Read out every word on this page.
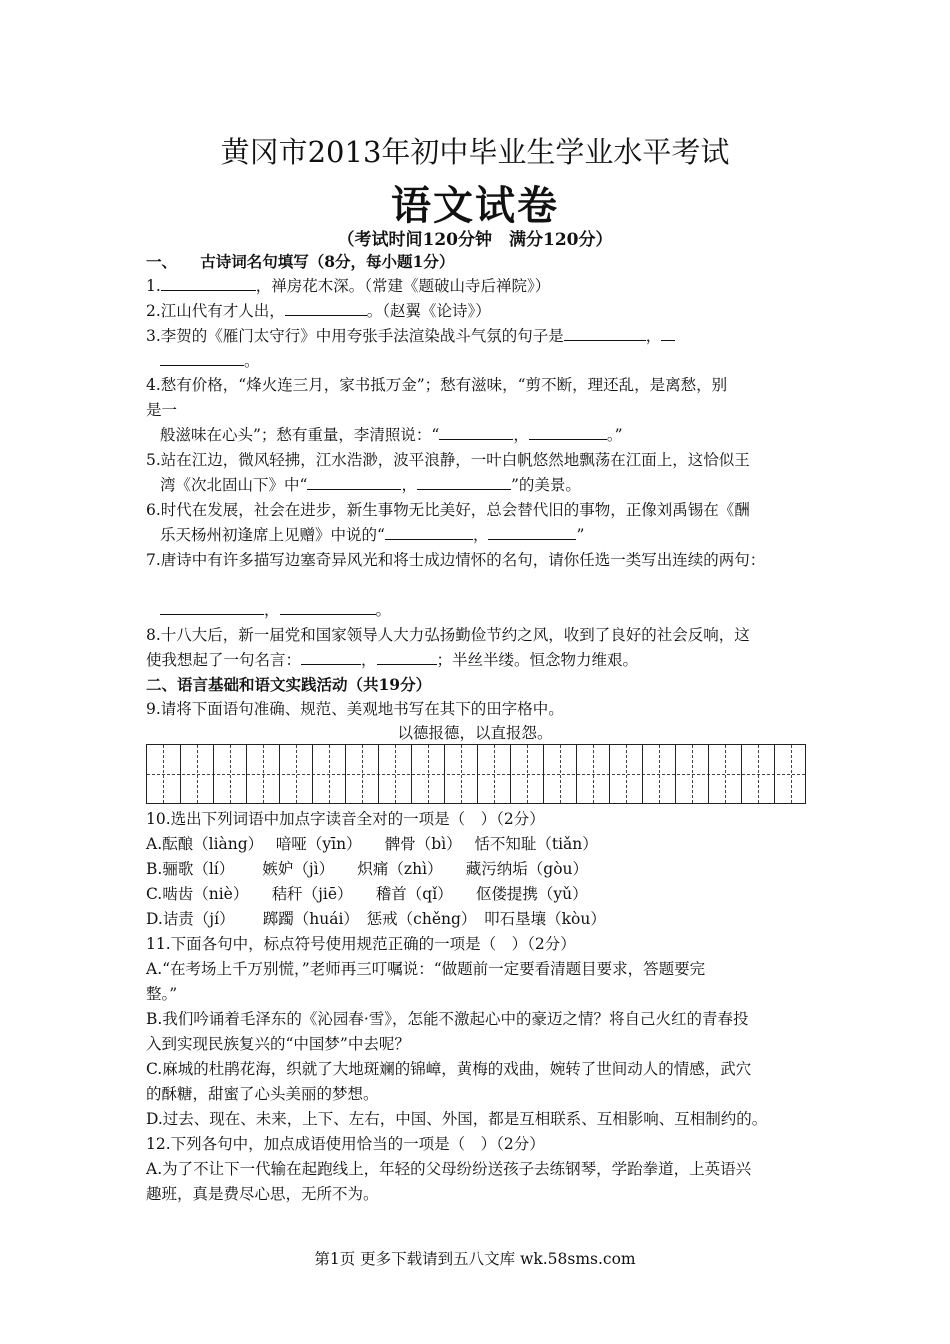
黄冈市2013年初中毕业生学业水平考试
语文试卷
（考试时间120分钟　满分120分）
一、　　古诗词名句填写（8分，每小题1分）
1.	，禅房花木深。（常建《题破山寺后禅院》）
2.江山代有才人出，	。（赵翼《论诗》）
3.李贺的《雁门太守行》中用夸张手法渲染战斗气氛的句子是	，
。
4.愁有价格，“烽火连三月，家书抵万金”；愁有滋味，“剪不断，理还乱，是离愁，别
是一
般滋味在心头”；愁有重量，李清照说：“	，	。”
5.站在江边，微风轻拂，江水浩渺，波平浪静，一叶白帆悠然地飘荡在江面上，这恰似王
湾《次北固山下》中“	，	”的美景。
6.时代在发展，社会在进步，新生事物无比美好，总会替代旧的事物，正像刘禹锡在《酬
乐天杨州初逢席上见赠》中说的“	，	”
7.唐诗中有许多描写边塞奇异风光和将士成边情怀的名句，请你任选一类写出连续的两句：
，	。
8.十八大后，新一届党和国家领导人大力弘扬勤俭节约之风，收到了良好的社会反响，这
使我想起了一句名言：	，	；半丝半缕。恒念物力维艰。
二、语言基础和语文实践活动（共19分）
9.请将下面语句准确、规范、美观地书写在其下的田字格中。
以德报德，以直报怨。
10.选出下列词语中加点字读音全对的一项是（　）（2分）
A.酝酿（liàng）　 喑哑（yīn）　　髀骨（bì）　 恬不知耻（tiǎn）
B.骊歌（lí）　　 嫉妒（jì）　　炽痛（zhì）　　藏污纳垢（gòu）
C.啮齿（niè）　　秸秆（jiē）　　稽首（qǐ）　　伛偻提携（yǔ）
D.诘责（jí）　　 踯躅（huái）　惩戒（chěng）　叩石垦壤（kòu）
11.下面各句中，标点符号使用规范正确的一项是（　）（2分）
A.“在考场上千万别慌，”老师再三叮嘱说：“做题前一定要看清题目要求，答题要完
整。”
B.我们吟诵着毛泽东的《沁园春·雪》，怎能不激起心中的豪迈之情？将自己火红的青春投
入到实现民族复兴的“中国梦”中去呢？
C.麻城的杜鹃花海，织就了大地斑斓的锦嶂，黄梅的戏曲，婉转了世间动人的情感，武穴
的酥糖，甜蜜了心头美丽的梦想。
D.过去、现在、未来，上下、左右，中国、外国，都是互相联系、互相影响、互相制约的。
12.下列各句中，加点成语使用恰当的一项是（　）（2分）
A.为了不让下一代输在起跑线上，年轻的父母纷纷送孩子去练钢琴，学跆拳道，上英语兴
趣班，真是费尽心思，无所不为。
第1页 更多下载请到五八文库 wk.58sms.com
